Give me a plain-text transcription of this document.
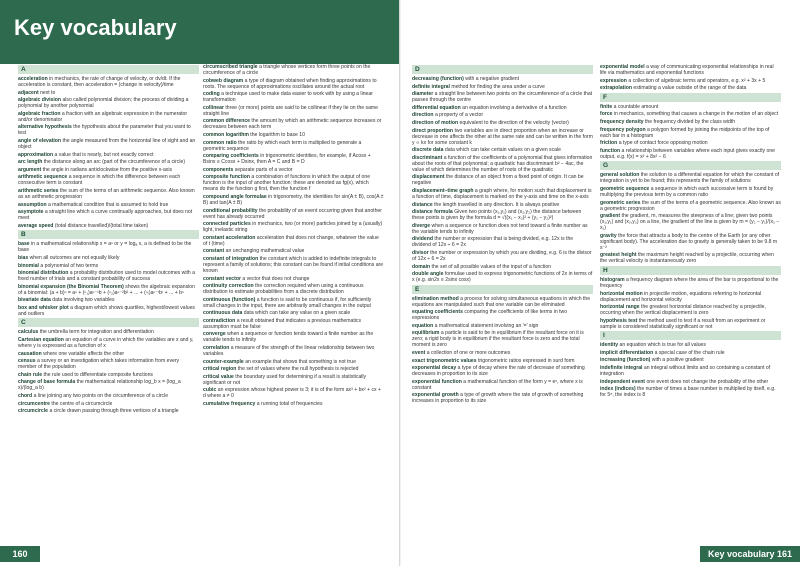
Key vocabulary
A
acceleration in mechanics, the rate of change of velocity, or dv/dt. If the acceleration is constant, then acceleration = (change in velocity)/time
adjacent next to
algebraic division also called polynomial division; the process of dividing a polynomial by another polynomial
algebraic fraction a fraction with an algebraic expression in the numerator and/or denominator
alternative hypothesis the hypothesis about the parameter that you want to test
angle of elevation the angle measured from the horizontal line of sight and an object
approximation a value that is nearly, but not exactly correct
arc length the distance along an arc (part of the circumference of a circle)
argument the angle in radians anticlockwise from the positive x-axis
arithmetic sequence a sequence in which the difference between each consecutive term is constant
arithmetic series the sum of the terms of an arithmetic sequence. Also known as an arithmetic progression
assumption a mathematical condition that is assumed to hold true
asymptote a straight line which a curve continually approaches, but does not meet
average speed (total distance travelled)/(total time taken)
B
base in a mathematical relationship x = aⁿ or y = logₐ x, a is defined to be the base
bias when all outcomes are not equally likely
binomial a polynomial of two terms
binomial distribution a probability distribution used to model outcomes with a fixed number of trials and a constant probability of success
binomial expansion (the Binomial Theorem) shows the algebraic expansion of a binomial: (a + b)ⁿ = aⁿ + (ⁿ₁)aⁿ⁻¹b + (ⁿ₂)aⁿ⁻²b² + ... + (ⁿᵣ)aⁿ⁻ʳbʳ + ... + bⁿ
bivariate data data involving two variables
box and whisker plot a diagram which shows quartiles, highest/lowest values and outliers
C
calculus the umbrella term for integration and differentiation
Cartesian equation an equation of a curve in which the variables are x and y, where y is expressed as a function of x
causation where one variable affects the other
census a survey or an investigation which takes information from every member of the population
chain rule the rule used to differentiate composite functions
change of base formula the mathematical relationship log_b x = (log_a x)/(log_a b)
chord a line joining any two points on the circumference of a circle
circumcentre the centre of a circumcircle
circumcircle a circle drawn passing through three vertices of a triangle
circumscribed triangle a triangle whose vertices form three points on the circumference of a circle
cobweb diagram a type of diagram obtained when finding approximations to roots. The sequence of approximations oscillates around the actual root
coding a technique used to make data easier to work with by using a linear transformation
collinear three (or more) points are said to be collinear if they lie on the same straight line
common difference the amount by which an arithmetic sequence increases or decreases between each term
common logarithm the logarithm to base 10
common ratio the ratio by which each term is multiplied to generate a geometric sequence
comparing coefficients in trigonometric identities, for example, if Acosx + Bsinx ≡ Ccosx + Dsinx, then A = C and B = D
components separate parts of a vector
composite function a combination of functions in which the output of one function is the input of another function; these are denoted as fg(x), which means do the function g first, then the function f
compound angle formulae in trigonometry, the identities for sin(A ± B), cos(A ± B) and tan(A ± B)
conditional probability the probability of an event occurring given that another event has already occurred
connected particles in mechanics, two (or more) particles joined by a (usually) light, inelastic string
constant acceleration acceleration that does not change, whatever the value of t (time)
constant an unchanging mathematical value
constant of integration the constant which is added to indefinite integrals to represent a family of solutions; this constant can be found if initial conditions are known
constant vector a vector that does not change
continuity correction the correction required when using a continuous distribution to estimate probabilities from a discrete distribution
continuous (function) a function is said to be continuous if, for sufficiently small changes in the input, there are arbitrarily small changes in the output
continuous data data which can take any value on a given scale
contradiction a result obtained that indicates a previous mathematics assumption must be false
converge when a sequence or function tends toward a finite number as the variable tends to infinity
correlation a measure of the strength of the linear relationship between two variables
counter-example an example that shows that something is not true
critical region the set of values where the null hypothesis is rejected
critical value the boundary used for determining if a result is statistically significant or not
cubic an expression whose highest power is 3; it is of the form ax³ + bx² + cx + d where a ≠ 0
cumulative frequency a running total of frequencies
D
decreasing (function) with a negative gradient
definite integral method for finding the area under a curve
diameter a straight line between two points on the circumference of a circle that passes through the centre
differential equation an equation involving a derivative of a function
direction a property of a vector
direction of motion equivalent to the direction of the velocity (vector)
direct proportion two variables are in direct proportion when an increase or decrease in one affects the other at the same rate and can be written in the form y ∝ kx for some constant k
discrete data data which can take certain values on a given scale
discriminant a function of the coefficients of a polynomial that gives information about the roots of that polynomial; a quadratic has discriminant b² − 4ac, the value of which determines the number of roots of the quadratic
displacement the distance of an object from a fixed point of origin. It can be negative
displacement–time graph a graph where, for motion such that displacement is a function of time, displacement is marked on the y-axis and time on the x-axis
distance the length travelled in any direction. It is always positive
distance formula Given two points (x₁,y₁) and (x₂,y₂) the distance between these points is given by the formula d = √((x₁ − x₂)² + (y₁ − y₂)²)
diverge when a sequence or function does not tend toward a finite number as the variable tends to infinity
dividend the number or expression that is being divided, e.g. 12x is the dividend of 12x ÷ 6 = 2x
divisor the number or expression by which you are dividing, e.g. 6 is the divisor of 12x ÷ 6 = 2x
domain the set of all possible values of the input of a function
double angle formulae used to express trigonometric functions of 2x in terms of x (e.g. sin2x ≡ 2sinx cosx)
E
elimination method a process for solving simultaneous equations in which the equations are manipulated such that one variable can be eliminated
equating coefficients comparing the coefficients of like terms in two expressions
equation a mathematical statement involving an '=' sign
equilibrium a particle is said to be in equilibrium if the resultant force on it is zero; a rigid body is in equilibrium if the resultant force is zero and the total moment is zero
event a collection of one or more outcomes
exact trigonometric values trigonometric ratios expressed in surd form
exponential decay a type of decay where the rate of decrease of something decreases in proportion to its size
exponential function a mathematical function of the form y = eˣ, where x is constant
exponential growth a type of growth where the rate of growth of something increases in proportion to its size
exponential model a way of communicating exponential relationships in real life via mathematics and exponential functions
expression a collection of algebraic terms and operators, e.g. x² + 3x + 5
extrapolation estimating a value outside of the range of the data
F
finite a countable amount
force in mechanics, something that causes a change in the motion of an object
frequency density the frequency divided by the class width
frequency polygon a polygon formed by joining the midpoints of the top of each bar in a histogram
friction a type of contact force opposing motion
function a relationship between variables where each input gives exactly one output, e.g. f(x) = x² + 8x² − 6
G
general solution the solution to a differential equation for which the constant of integration is yet to be found; this represents the family of solutions
geometric sequence a sequence in which each successive term is found by multiplying the previous term by a common ratio
geometric series the sum of the terms of a geometric sequence. Also known as a geometric progression
gradient the gradient, m, measures the steepness of a line; given two points (x₁,y₁) and (x₂,y₂) on a line, the gradient of the line is given by m = (y₂ − y₁)/(x₂ − x₁)
gravity the force that attracts a body to the centre of the Earth (or any other significant body). The acceleration due to gravity is generally taken to be 9.8 m s⁻²
greatest height the maximum height reached by a projectile, occurring when the vertical velocity is instantaneously zero
H
histogram a frequency diagram where the area of the bar is proportional to the frequency
horizontal motion in projectile motion, equations referring to horizontal displacement and horizontal velocity
horizontal range the greatest horizontal distance reached by a projectile, occurring when the vertical displacement is zero
hypothesis test the method used to test if a result from an experiment or sample is considered statistically significant or not
I
identity an equation which is true for all values
implicit differentiation a special case of the chain rule
increasing (function) with a positive gradient
indefinite integral an integral without limits and so containing a constant of integration
independent event one event does not change the probability of the other
index (indices) the number of times a base number is multiplied by itself, e.g. for 5⁸, the index is 8
160	Key vocabulary 161
